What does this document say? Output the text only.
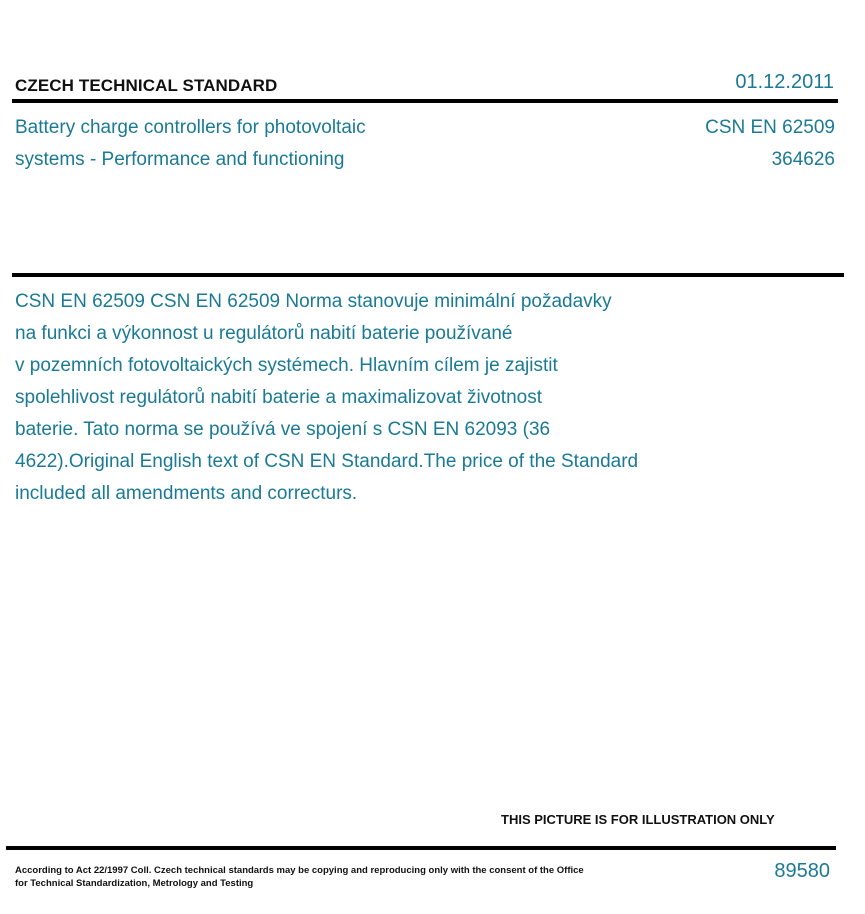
CZECH TECHNICAL STANDARD	01.12.2011
Battery charge controllers for photovoltaic
systems - Performance and functioning
CSN EN 62509
364626
CSN EN 62509 CSN EN 62509 Norma stanovuje minimální požadavky
na funkci a výkonnost u regulátorů nabití baterie používané
v pozemních fotovoltaických systémech. Hlavním cílem je zajistit
spolehlivost regulátorů nabití baterie a maximalizovat životnost
baterie. Tato norma se používá ve spojení s CSN EN 62093 (36
4622).Original English text of CSN EN Standard.The price of the Standard
included all amendments and correcturs.
THIS PICTURE IS FOR ILLUSTRATION ONLY
According to Act 22/1997 Coll. Czech technical standards may be copying and reproducing only with the consent of the Office
for Technical Standardization, Metrology and Testing
89580
